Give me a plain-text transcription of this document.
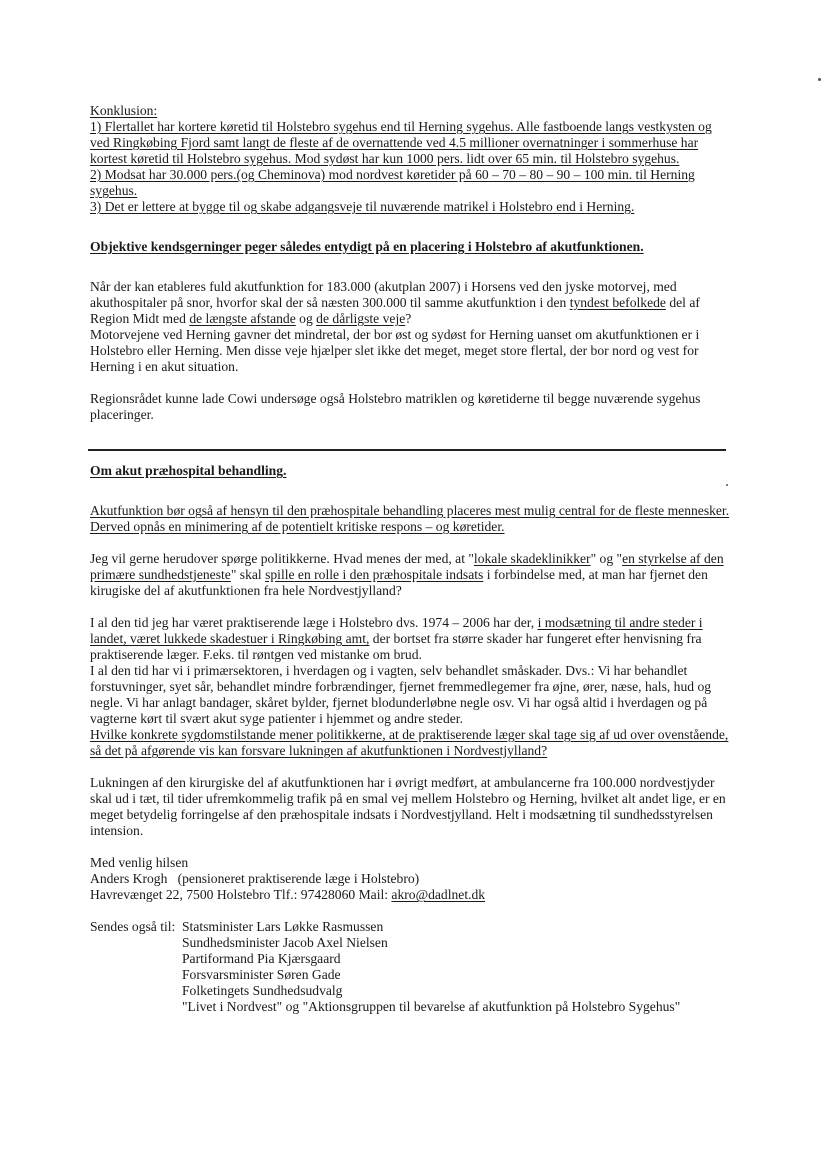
Konklusion:

1) Flertallet har kortere køretid til Holstebro sygehus end til Herning sygehus. Alle fastboende langs vestkysten og ved Ringkøbing Fjord samt langt de fleste af de overnattende ved 4.5 millioner overnatninger i sommerhuse har kortest køretid til Holstebro sygehus. Mod sydøst har kun 1000 pers. lidt over 65 min. til Holstebro sygehus.

2) Modsat har 30.000 pers.(og Cheminova) mod nordvest køretider på 60 – 70 – 80 – 90 – 100 min. til Herning sygehus.

3) Det er lettere at bygge til og skabe adgangsveje til nuværende matrikel i Holstebro end i Herning.

Objektive kendsgerninger peger således entydigt på en placering i Holstebro af akutfunktionen.

Når der kan etableres fuld akutfunktion for 183.000 (akutplan 2007) i Horsens ved den jyske motorvej, med akuthospitaler på snor, hvorfor skal der så næsten 300.000 til samme akutfunktion i den tyndest befolkede del af Region Midt med de længste afstande og de dårligste veje?

Motorvejene ved Herning gavner det mindretal, der bor øst og sydøst for Herning uanset om akutfunktionen er i Holstebro eller Herning. Men disse veje hjælper slet ikke det meget, meget store flertal, der bor nord og vest for Herning i en akut situation.

Regionsrådet kunne lade Cowi undersøge også Holstebro matriklen og køretiderne til begge nuværende sygehus placeringer.

Om akut præhospital behandling.

Akutfunktion bør også af hensyn til den præhospitale behandling placeres mest mulig central for de fleste mennesker. Derved opnås en minimering af de potentielt kritiske respons – og køretider.

Jeg vil gerne herudover spørge politikkerne. Hvad menes der med, at "lokale skadeklinikker" og "en styrkelse af den primære sundhedstjeneste" skal spille en rolle i den præhospitale indsats i forbindelse med, at man har fjernet den kirugiske del af akutfunktionen fra hele Nordvestjylland?

I al den tid jeg har været praktiserende læge i Holstebro dvs. 1974 – 2006 har der, i modsætning til andre steder i landet, været lukkede skadestuer i Ringkøbing amt, der bortset fra større skader har fungeret efter henvisning fra praktiserende læger. F.eks. til røntgen ved mistanke om brud.

I al den tid har vi i primærsektoren, i hverdagen og i vagten, selv behandlet småskader. Dvs.: Vi har behandlet forstuvninger, syet sår, behandlet mindre forbrændinger, fjernet fremmedlegemer fra øjne, ører, næse, hals, hud og negle. Vi har anlagt bandager, skåret bylder, fjernet blodunderløbne negle osv. Vi har også altid i hverdagen og på vagterne kørt til svært akut syge patienter i hjemmet og andre steder.

Hvilke konkrete sygdomstilstande mener politikkerne, at de praktiserende læger skal tage sig af ud over ovenstående, så det på afgørende vis kan forsvare lukningen af akutfunktionen i Nordvestjylland?

Lukningen af den kirurgiske del af akutfunktionen har i øvrigt medført, at ambulancerne fra 100.000 nordvestjyder skal ud i tæt, til tider ufremkommelig trafik på en smal vej mellem Holstebro og Herning, hvilket alt andet lige, er en meget betydelig forringelse af den præhospitale indsats i Nordvestjylland. Helt i modsætning til sundhedsstyrelsen intension.

Med venlig hilsen

Anders Krogh   (pensioneret praktiserende læge i Holstebro)

Havrevænget 22, 7500 Holstebro Tlf.: 97428060 Mail: akro@dadlnet.dk

Sendes også til: Statsminister Lars Løkke Rasmussen
Sundhedsminister Jacob Axel Nielsen
Partiformand Pia Kjærsgaard
Forsvarsminister Søren Gade
Folketingets Sundhedsudvalg
"Livet i Nordvest" og "Aktionsgruppen til bevarelse af akutfunktion på Holstebro Sygehus"
